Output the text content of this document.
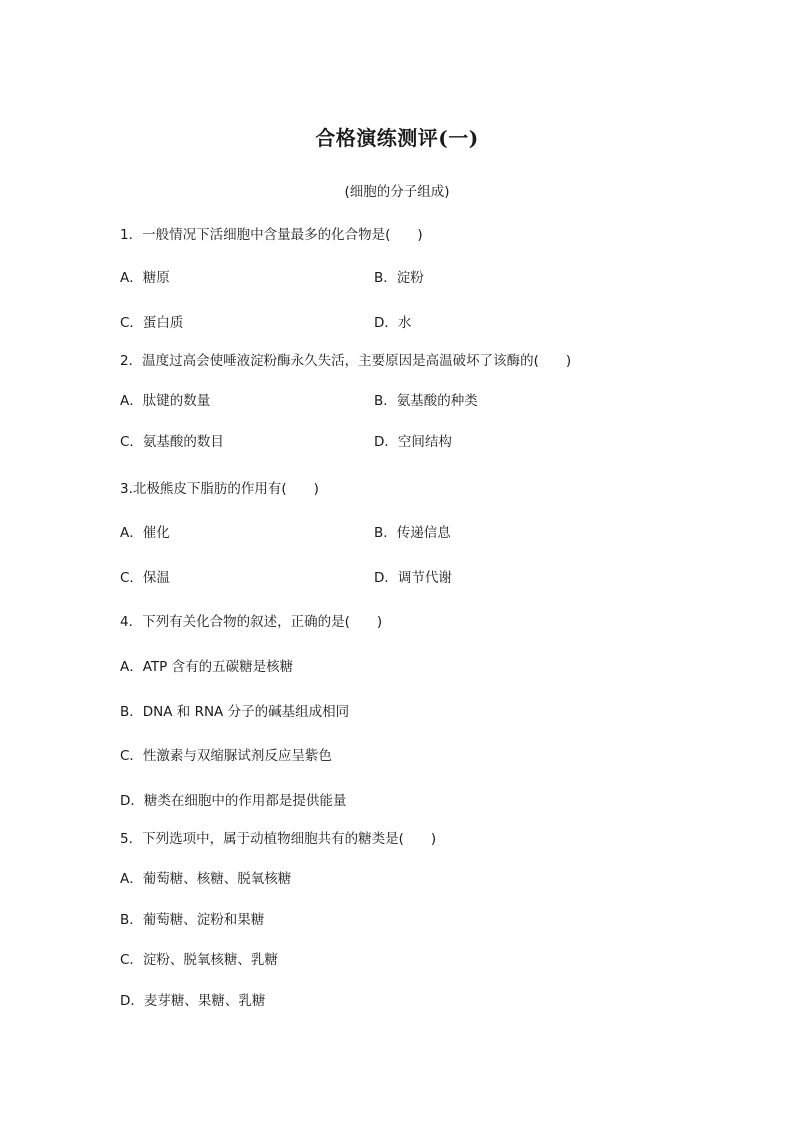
合格演练测评(一)
(细胞的分子组成)
1．一般情况下活细胞中含量最多的化合物是(　　)
A．糖原	B．淀粉
C．蛋白质	D．水
2．温度过高会使唾液淀粉酶永久失活，主要原因是高温破坏了该酶的(　　)
A．肽键的数量	B．氨基酸的种类
C．氨基酸的数目	D．空间结构
3.北极熊皮下脂肪的作用有(　　)
A．催化	B．传递信息
C．保温	D．调节代谢
4．下列有关化合物的叙述，正确的是(　　)
A．ATP 含有的五碳糖是核糖
B．DNA 和 RNA 分子的碱基组成相同
C．性激素与双缩脲试剂反应呈紫色
D．糖类在细胞中的作用都是提供能量
5．下列选项中，属于动植物细胞共有的糖类是(　　)
A．葡萄糖、核糖、脱氧核糖
B．葡萄糖、淀粉和果糖
C．淀粉、脱氧核糖、乳糖
D．麦芽糖、果糖、乳糖
